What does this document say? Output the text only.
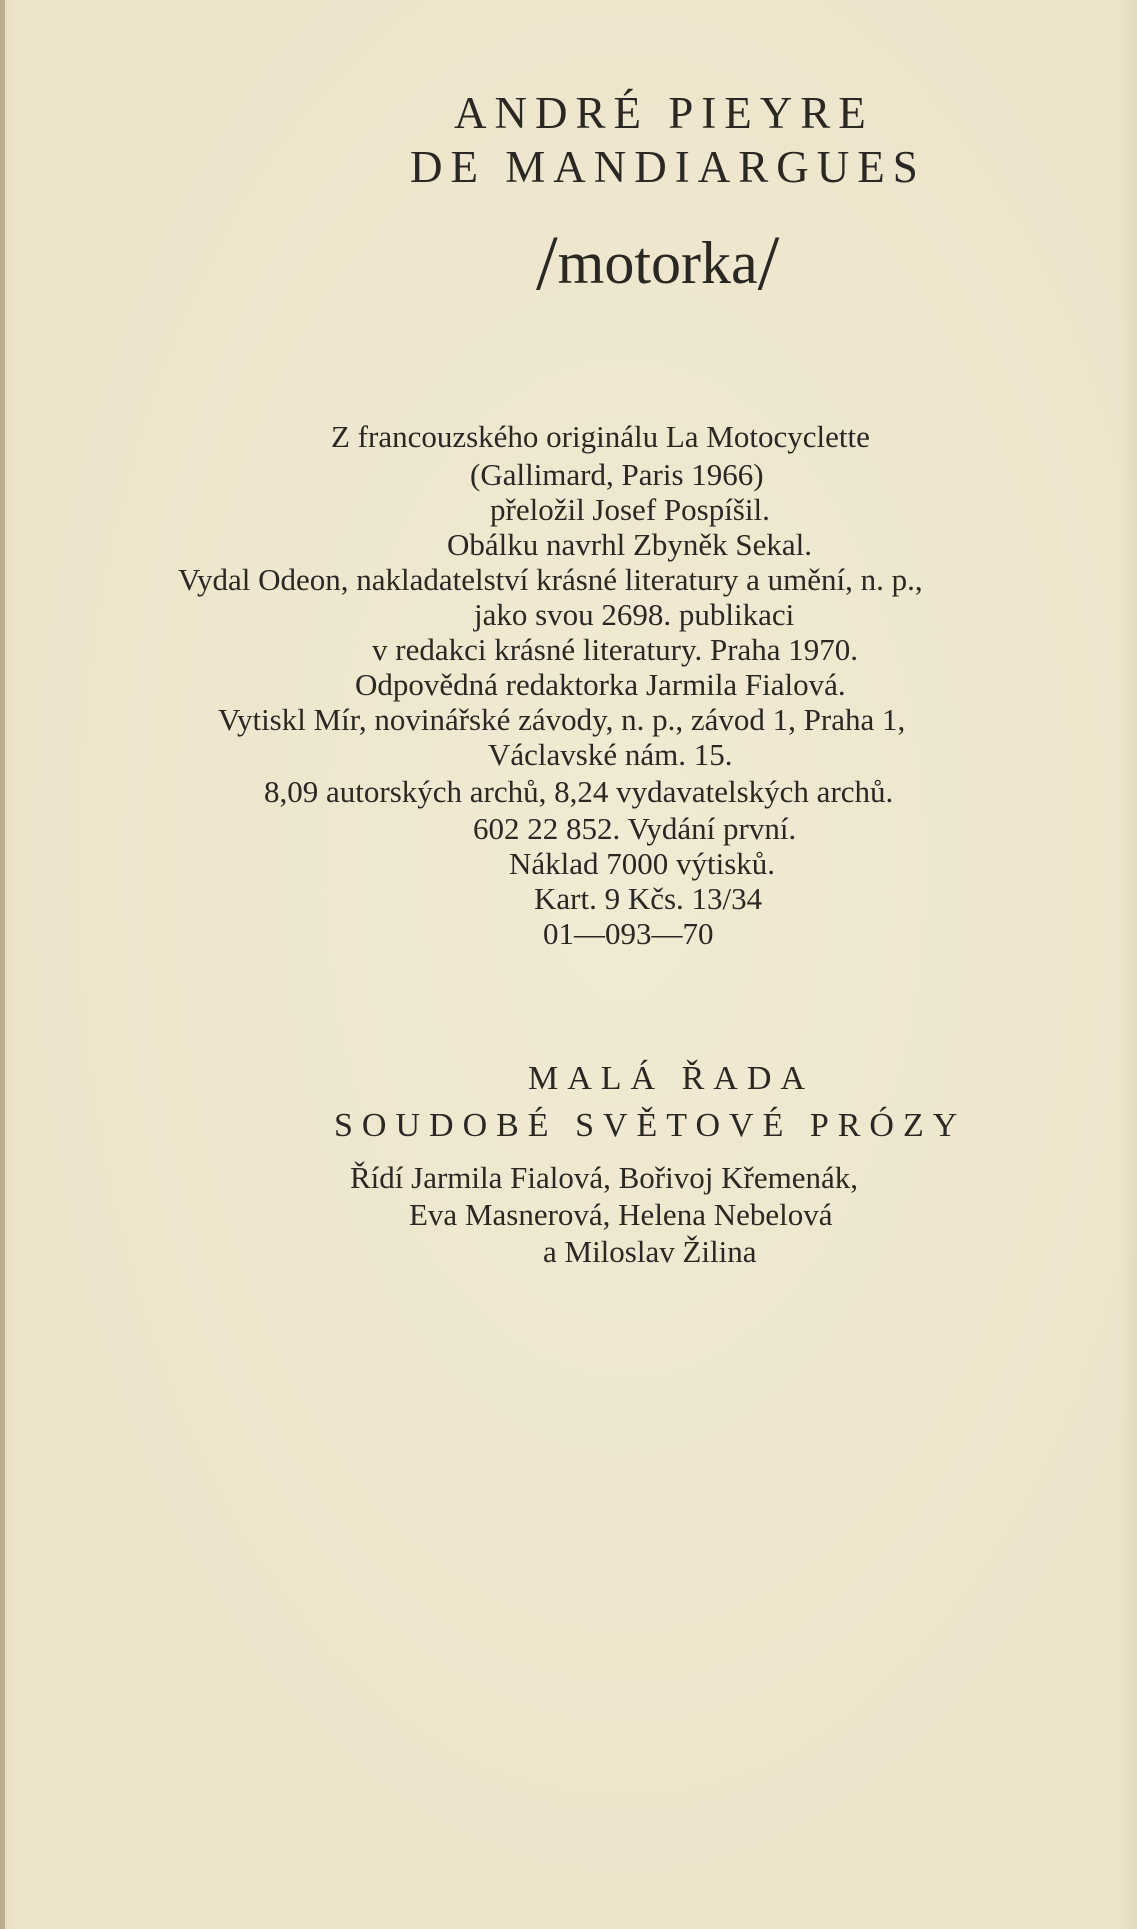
ANDRÉ PIEYRE
DE MANDIARGUES
/motorka/
Z francouzského originálu La Motocyclette
(Gallimard, Paris 1966)
přeložil Josef Pospíšil.
Obálku navrhl Zbyněk Sekal.
Vydal Odeon, nakladatelství krásné literatury a umění, n. p.,
jako svou 2698. publikaci
v redakci krásné literatury. Praha 1970.
Odpovědná redaktorka Jarmila Fialová.
Vytiskl Mír, novinářské závody, n. p., závod 1, Praha 1,
Václavské nám. 15.
8,09 autorských archů, 8,24 vydavatelských archů.
602 22 852. Vydání první.
Náklad 7000 výtisků.
Kart. 9 Kčs. 13/34
01—093—70
MALÁ ŘADA
SOUDOBÉ SVĚTOVÉ PRÓZY
Řídí Jarmila Fialová, Bořivoj Křemenák,
Eva Masnerová, Helena Nebelová
a Miloslav Žilina
